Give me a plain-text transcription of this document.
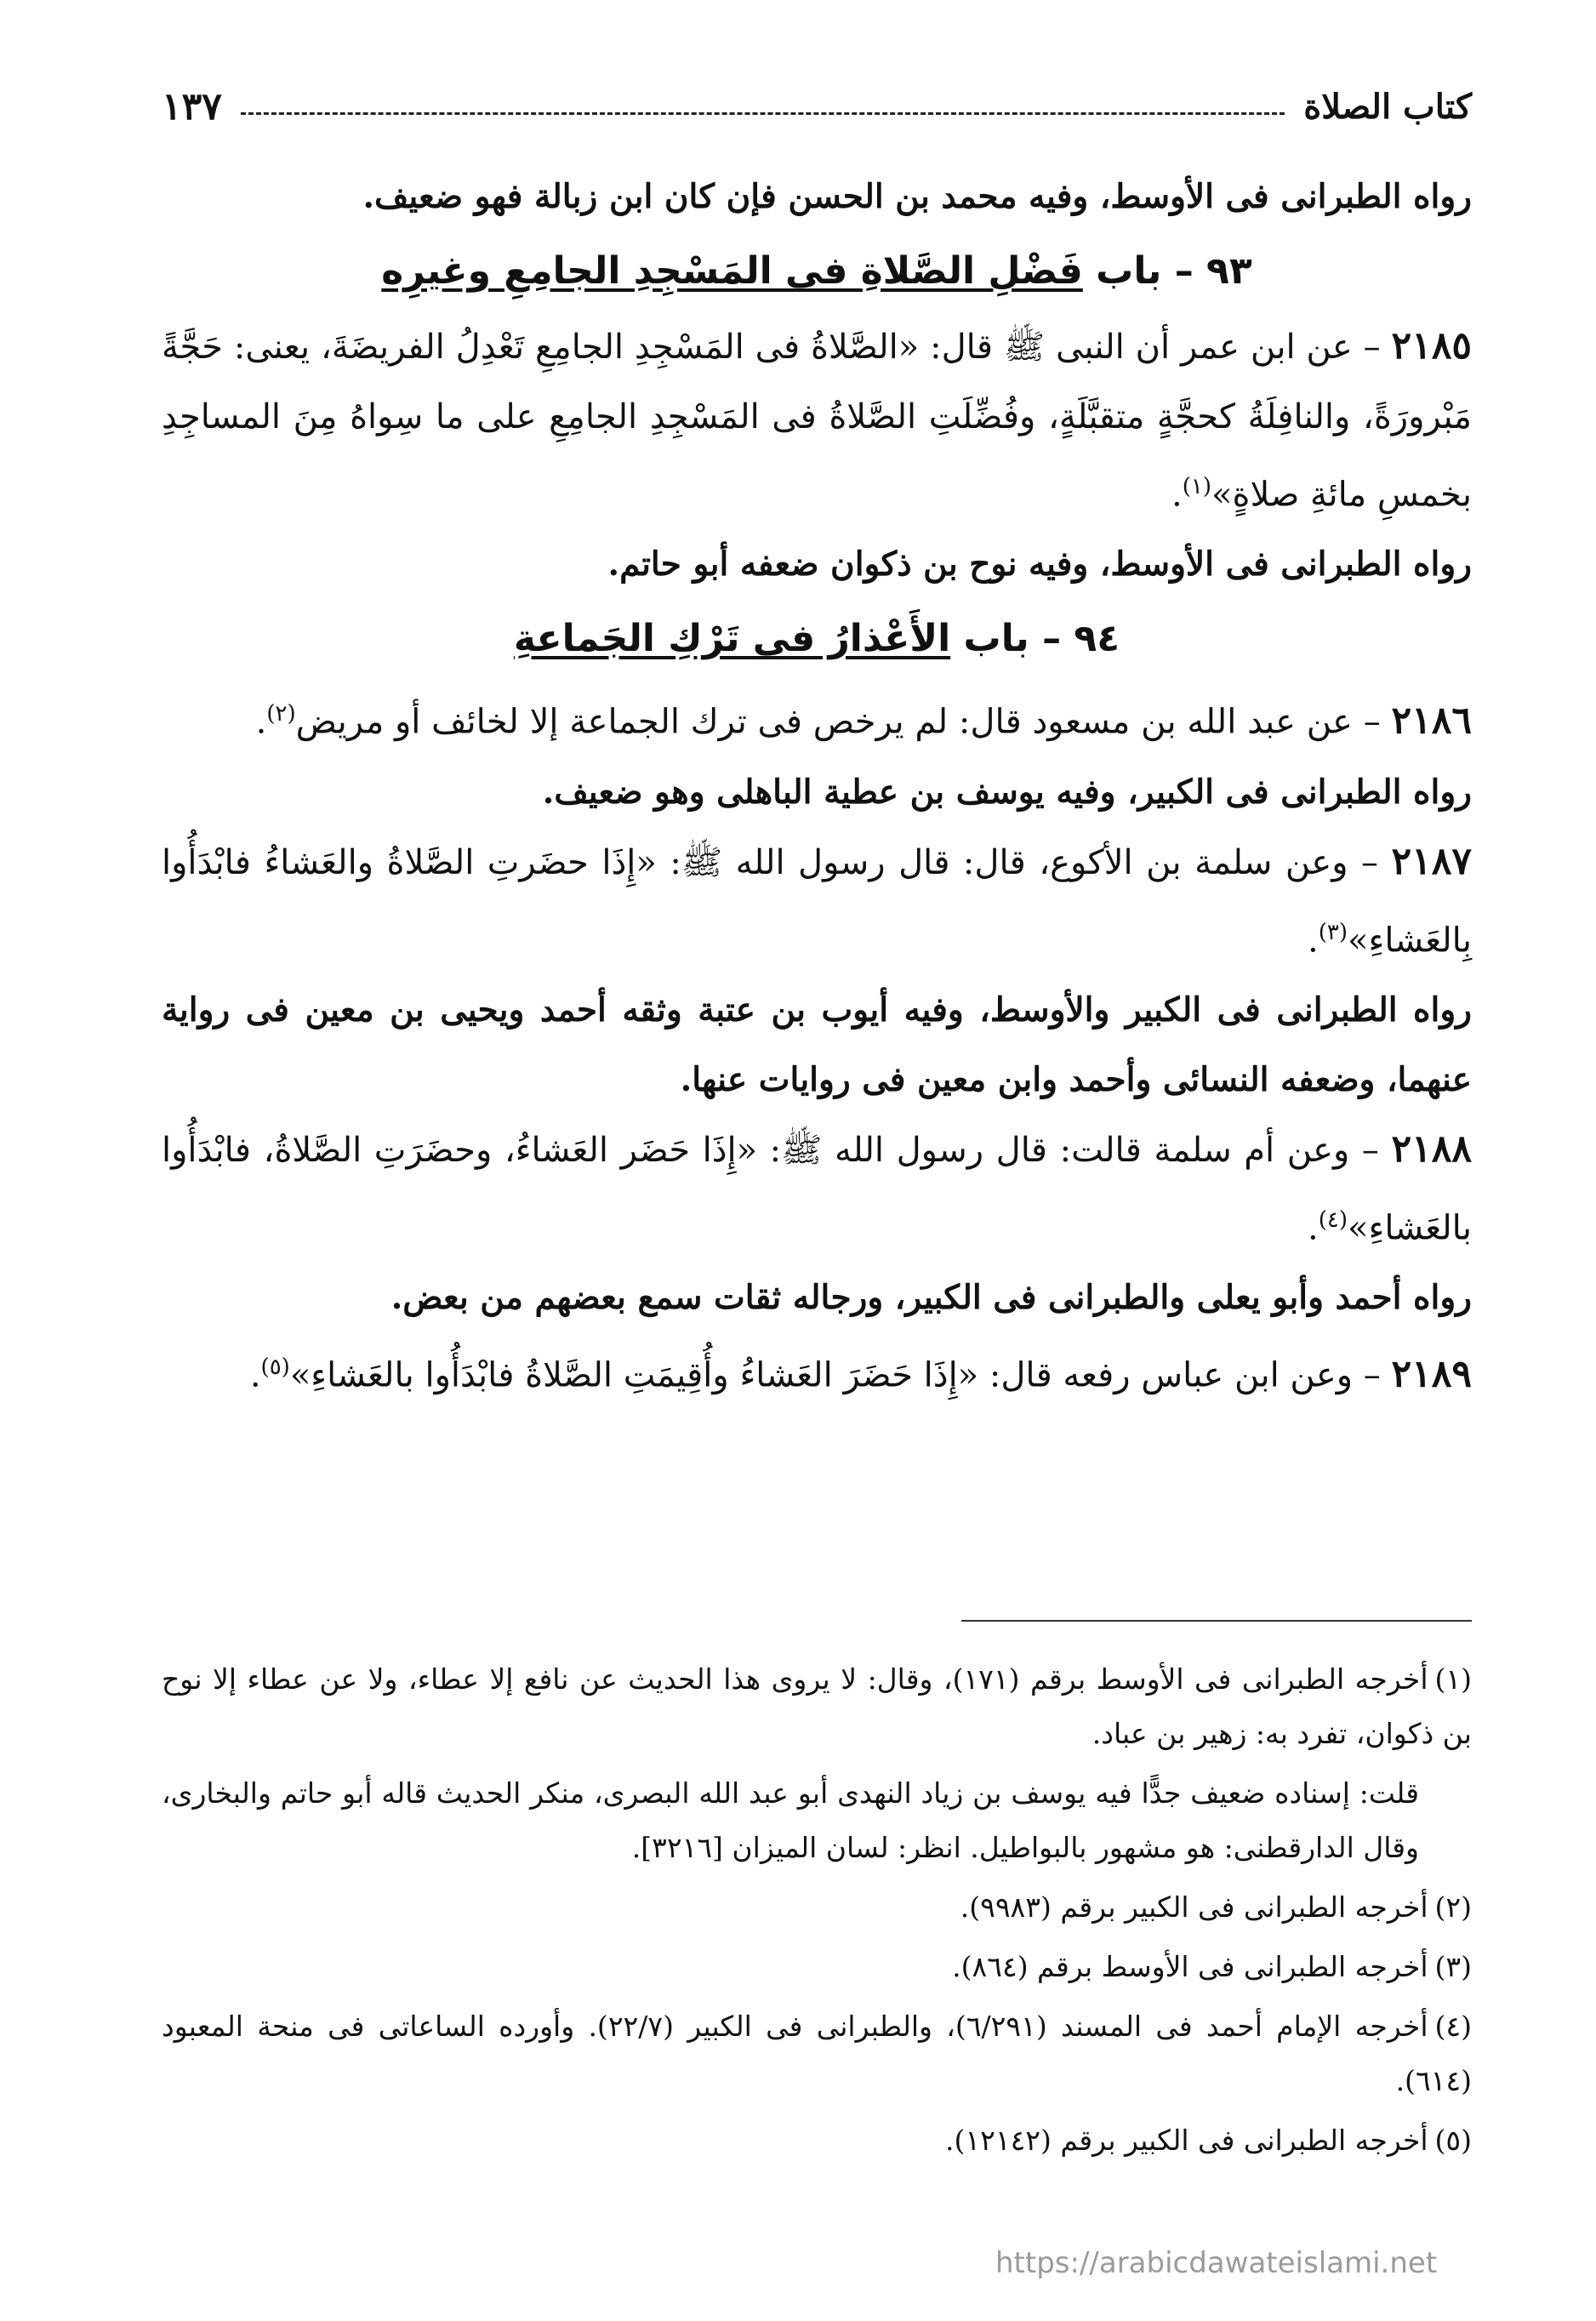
كتاب الصلاة
١٣٧

رواه الطبرانى فى الأوسط، وفيه محمد بن الحسن فإن كان ابن زبالة فهو ضعيف.

٩٣ – باب فَضْلِ الصَّلاةِ فى المَسْجِدِ الجامِعِ وغيرِه

٢١٨٥ – عن ابن عمر أن النبى ﷺ قال: «الصَّلاةُ فى المَسْجِدِ الجامِعِ تَعْدِلُ الفريضَةَ، يعنى: حَجَّةً مَبْرورَةً، والنافِلَةُ كحجَّةٍ متقبَّلَةٍ، وفُضِّلَتِ الصَّلاةُ فى المَسْجِدِ الجامِعِ على ما سِواهُ مِنَ المساجِدِ بخمسِ مائةِ صلاةٍ»$^{(١)}$.

رواه الطبرانى فى الأوسط، وفيه نوح بن ذكوان ضعفه أبو حاتم.

٩٤ – باب الأَعْذارُ فى تَرْكِ الجَماعةِ

٢١٨٦ – عن عبد الله بن مسعود قال: لم يرخص فى ترك الجماعة إلا لخائف أو مريض$^{(٢)}$.

رواه الطبرانى فى الكبير، وفيه يوسف بن عطية الباهلى وهو ضعيف.

٢١٨٧ – وعن سلمة بن الأكوع، قال: قال رسول الله ﷺ: «إِذَا حضَرتِ الصَّلاةُ والعَشاءُ فابْدَأُوا بِالعَشاءِ»$^{(٣)}$.

رواه الطبرانى فى الكبير والأوسط، وفيه أيوب بن عتبة وثقه أحمد ويحيى بن معين فى رواية عنهما، وضعفه النسائى وأحمد وابن معين فى روايات عنها.

٢١٨٨ – وعن أم سلمة قالت: قال رسول الله ﷺ: «إِذَا حَضَر العَشاءُ، وحضَرَتِ الصَّلاةُ، فابْدَأُوا بالعَشاءِ»$^{(٤)}$.

رواه أحمد وأبو يعلى والطبرانى فى الكبير، ورجاله ثقات سمع بعضهم من بعض.

٢١٨٩ – وعن ابن عباس رفعه قال: «إِذَا حَضَرَ العَشاءُ وأُقِيمَتِ الصَّلاةُ فابْدَأُوا بالعَشاءِ»$^{(٥)}$.

(١)أخرجه الطبرانى فى الأوسط برقم (١٧١)، وقال: لا يروى هذا الحديث عن نافع إلا عطاء، ولا عن عطاء إلا نوح بن ذكوان، تفرد به: زهير بن عباد.

قلت: إسناده ضعيف جدًّا فيه يوسف بن زياد النهدى أبو عبد الله البصرى، منكر الحديث قاله أبو حاتم والبخارى، وقال الدارقطنى: هو مشهور بالبواطيل. انظر: لسان الميزان [٣٢١٦].

(٢)أخرجه الطبرانى فى الكبير برقم (٩٩٨٣).

(٣)أخرجه الطبرانى فى الأوسط برقم (٨٦٤).

(٤)أخرجه الإمام أحمد فى المسند (٦/٢٩١)، والطبرانى فى الكبير (٢٢/٧). وأورده الساعاتى فى منحة المعبود (٦١٤).

(٥)أخرجه الطبرانى فى الكبير برقم (١٢١٤٢).

https://arabicdawateislami.net
